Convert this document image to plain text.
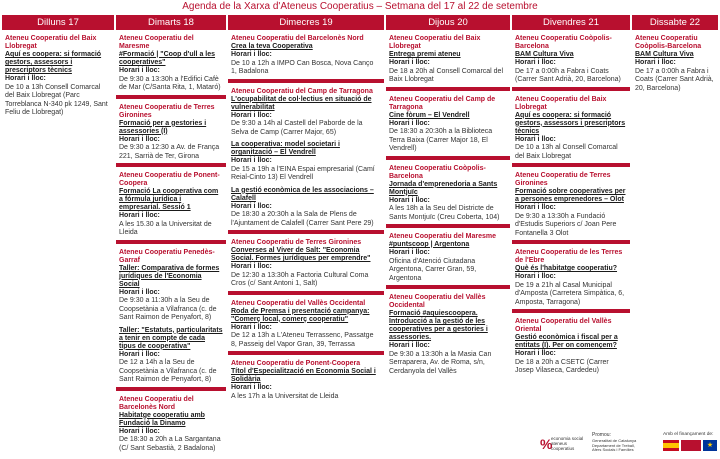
Agenda de la Xarxa d'Ateneus Cooperatius – Setmana del 17 al 22 de setembre
Dilluns 17
Ateneu Cooperatiu del Baix Llobregat
Aquí es coopera: si formació gestors, assessors i prescriptors tècnics
Horari i lloc:
De 10 a 13h Consell Comarcal del Baix Llobregat (Parc Torreblanca N-340 pk 1249, Sant Feliu de Llobregat)
Dimarts 18
Ateneu Cooperatiu del Maresme
#Formació | "Coop d'ull a les cooperatives"
Horari i lloc:
De 9:30 a 13:30h a l'Edifici Cafè de Mar (C/Santa Rita, 1, Mataró)
Ateneu Cooperatiu de Terres Gironines
Formació per a gestories i assessories (I)
Horari i lloc:
De 9:30 a 12:30 a Av. de França 221, Sarrià de Ter, Girona
Ateneu Cooperatiu de Ponent-Coopera
Formació La cooperativa com a fórmula jurídica i empresarial. Sessió 1
Horari i lloc:
A les 15.30 a la Universitat de Lleida
Ateneu Cooperatiu Penedès-Garraf
Taller: Comparativa de formes jurídiques de l'Economia Social
Horari i lloc:
De 9:30 a 11:30h a la Seu de Coopsetània a Vilafranca (c. de Sant Raimon de Penyafort, 8)
Taller: "Estatuts, particularitats a tenir en compte de cada tipus de cooperativa"
Horari i lloc:
De 12 a 14h a la Seu de Coopsetània a Vilafranca (c. de Sant Raimon de Penyafort, 8)
Ateneu Cooperatiu del Barcelonès Nord
Habitatge cooperatiu amb Fundació la Dinamo
Horari i lloc:
De 18:30 a 20h a La Sargantana (C/ Sant Sebastià, 2 Badalona)
Dimecres 19
Ateneu Cooperatiu del Barcelonès Nord
Crea la teva Cooperativa
Horari i lloc:
De 10 a 12h a IMPO Can Bosca, Nova Canço 1, Badalona
Ateneu Cooperatiu del Camp de Tarragona
L'ocupabilitat de col·lectius en situació de vulnerabilitat
Horari i lloc:
De 9:30 a 14h al Castell del Paborde de la Selva de Camp (Carrer Major, 65)
La cooperativa: model societari i organització – El Vendrell
Horari i lloc:
De 15 a 19h a l'EINA Espai empresarial (Camí Reial-Cinto 13) El Vendrell
La gestió econòmica de les associacions – Calafell
Horari i lloc:
De 18:30 a 20:30h a la Sala de Plens de l'Ajuntament de Calafell (Carrer Sant Pere 29)
Ateneu Cooperatiu de Terres Gironines
Converses al Viver de Salt: "Economia Social. Formes jurídiques per emprendre"
Horari i lloc:
De 12:30 a 13:30h a Factoria Cultural Coma Cros (c/ Sant Antoni 1, Salt)
Ateneu Cooperatiu del Vallès Occidental
Roda de Premsa i presentació campanya: "Comerç local, comerç cooperatiu"
Horari i lloc:
De 12 a 13h a L'Ateneu Terrassenc, Passatge 8, Passeig del Vapor Gran, 39, Terrassa
Ateneu Cooperatiu de Ponent-Coopera
Títol d'Especialització en Economia Social i Solidària
Horari i lloc:
A les 17h a la Universitat de Lleida
Dijous 20
Ateneu Cooperatiu del Baix Llobregat
Entrega premi ateneu
Horari i lloc:
De 18 a 20h al Consell Comarcal del Baix Llobregat
Ateneu Cooperatiu del Camp de Tarragona
Cine fòrum – El Vendrell
Horari i lloc:
De 18:30 a 20:30h a la Biblioteca Terra Baixa (Carrer Major 18, El Vendrell)
Ateneu Cooperatiu Coòpolis-Barcelona
Jornada d'emprenedoria a Sants Montjuïc
Horari i lloc:
A les 18h a la Seu del Districte de Sants Montjuïc (Creu Coberta, 104)
Ateneu Cooperatiu del Maresme
#puntscoop | Argentona
Horari i lloc:
Oficina d'Atenció Ciutadana Argentona, Carrer Gran, 59, Argentona
Ateneu Cooperatiu del Vallès Occidental
Formació #aquiescoopera. Introducció a la gestió de les cooperatives per a gestories i assessories.
Horari i lloc:
De 9:30 a 13:30h a la Masia Can Serraparera, Av. de Roma, s/n, Cerdanyola del Vallès
Divendres 21
Ateneu Cooperatiu Coòpolis-Barcelona
BAM Cultura Viva
Horari i lloc:
De 17 a 0:00h a Fabra i Coats (Carrer Sant Adrià, 20, Barcelona)
Ateneu Cooperatiu del Baix Llobregat
Aquí es coopera: si formació gestors, assessors i prescriptors tècnics
Horari i lloc:
De 10 a 13h al Consell Comarcal del Baix Llobregat
Ateneu Cooperatiu de Terres Gironines
Formació sobre cooperatives per a persones emprenedores – Olot
Horari i lloc:
De 9:30 a 13:30h a Fundació d'Estudis Superiors c/ Joan Pere Fontanella 3 Olot
Ateneu Cooperatiu de les Terres de l'Ebre
Què és l'habitatge cooperatiu?
Horari i lloc:
De 19 a 21h al Casal Municipal d'Amposta (Carretera Simpàtica, 6, Amposta, Tarragona)
Ateneu Cooperatiu del Vallès Oriental
Gestió econòmica i fiscal per a entitats (I). Per on començem?
Horari i lloc:
De 18 a 20h a CSETC (Carrer Josep Vilaseca, Cardedeu)
Dissabte 22
Ateneu Cooperatiu Coòpolis-Barcelona
BAM Cultura Viva
Horari i lloc:
De 17 a 0:00h a Fabra i Coats (Carrer Sant Adrià, 20, Barcelona)
%
economia social ateneus cooperatius
Promou:
Generalitat de Catalunya Departament de Treball, Afers Socials i Famílies
Amb el finançament de:
★
